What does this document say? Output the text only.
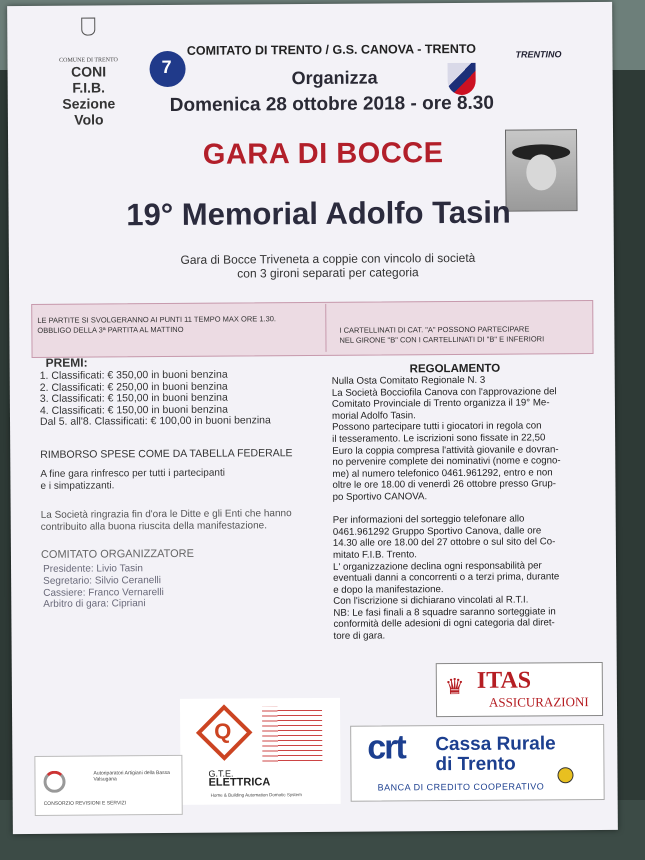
COMUNE DI TRENTO
CONI
F.I.B.
Sezione
Volo
COMITATO DI TRENTO / G.S. CANOVA - TRENTO
7	TRENTINO
Organizza
Domenica 28 ottobre 2018 - ore 8.30
GARA DI BOCCE
19° Memorial Adolfo Tasin
Gara di Bocce Triveneta a coppie con vincolo di società
con 3 gironi separati per categoria
LE PARTITE SI SVOLGERANNO AI PUNTI 11 TEMPO MAX ORE 1.30.
OBBLIGO DELLA 3ª PARTITA AL MATTINO	I CARTELLINATI DI CAT. "A" POSSONO PARTECIPARE
NEL GIRONE "B" CON I CARTELLINATI DI "B" E INFERIORI
PREMI:
1. Classificati: € 350,00 in buoni benzina
2. Classificati: € 250,00 in buoni benzina
3. Classificati: € 150,00 in buoni benzina
4. Classificati: € 150,00 in buoni benzina
Dal 5. all'8. Classificati: € 100,00 in buoni benzina
RIMBORSO SPESE COME DA TABELLA FEDERALE
A fine gara rinfresco per tutti i partecipanti
e i simpatizzanti.
La Società ringrazia fin d'ora le Ditte e gli Enti che hanno
contribuito alla buona riuscita della manifestazione.
COMITATO ORGANIZZATORE
Presidente: Livio Tasin
Segretario: Silvio Ceranelli
Cassiere: Franco Vernarelli
Arbitro di gara: Cipriani
REGOLAMENTO
Nulla Osta Comitato Regionale N. 3
La Società Bocciofila Canova con l'approvazione del
Comitato Provinciale di Trento organizza il 19° Me-
morial Adolfo Tasin.
Possono partecipare tutti i giocatori in regola con
il tesseramento. Le iscrizioni sono fissate in 22,50
Euro la coppia compresa l'attività giovanile e dovran-
no pervenire complete dei nominativi (nome e cogno-
me) al numero telefonico 0461.961292, entro e non
oltre le ore 18.00 di venerdì 26 ottobre presso Grup-
po Sportivo CANOVA.

Per informazioni del sorteggio telefonare allo
0461.961292 Gruppo Sportivo Canova, dalle ore
14.30 alle ore 18.00 del 27 ottobre o sul sito del Co-
mitato F.I.B. Trento.
L' organizzazione declina ogni responsabilità per
eventuali danni a concorrenti o a terzi prima, durante
e dopo la manifestazione.
Con l'iscrizione si dichiarano vincolati al R.T.I.
NB: Le fasi finali a 8 squadre saranno sorteggiate in
conformità delle adesioni di ogni categoria dal diret-
tore di gara.
♛ ITAS
ASSICURAZIONI
Q
G.T.E.
ELETTRICA
Home & Building Automation Domotic System
crt Cassa Rurale
di Trento
BANCA DI CREDITO COOPERATIVO
Autoriparatori Artigiani della Bassa Valsugana
CONSORZIO REVISIONI E SERVIZI
